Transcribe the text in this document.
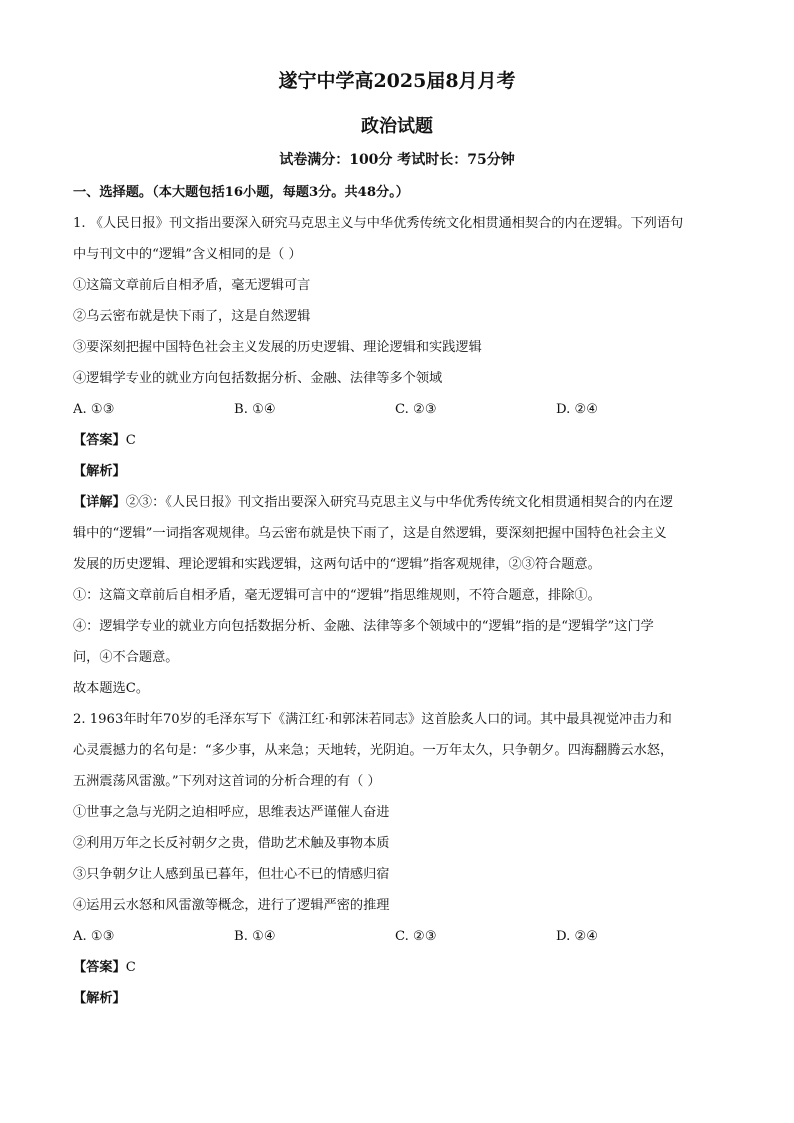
遂宁中学高2025届8月月考
政治试题
试卷满分：100分 考试时长：75分钟
一、选择题。（本大题包括16小题，每题3分。共48分。）
1. 《人民日报》刊文指出要深入研究马克思主义与中华优秀传统文化相贯通相契合的内在逻辑。下列语句
中与刊文中的“逻辑”含义相同的是（ ）
①这篇文章前后自相矛盾，毫无逻辑可言
②乌云密布就是快下雨了，这是自然逻辑
③要深刻把握中国特色社会主义发展的历史逻辑、理论逻辑和实践逻辑
④逻辑学专业的就业方向包括数据分析、金融、法律等多个领域
A. ①③	B. ①④	C. ②③	D. ②④
【答案】C
【解析】
【详解】②③：《人民日报》刊文指出要深入研究马克思主义与中华优秀传统文化相贯通相契合的内在逻
辑中的“逻辑”一词指客观规律。乌云密布就是快下雨了，这是自然逻辑，要深刻把握中国特色社会主义
发展的历史逻辑、理论逻辑和实践逻辑，这两句话中的“逻辑”指客观规律，②③符合题意。
①：这篇文章前后自相矛盾，毫无逻辑可言中的“逻辑”指思维规则，不符合题意，排除①。
④：逻辑学专业的就业方向包括数据分析、金融、法律等多个领域中的“逻辑”指的是“逻辑学”这门学
问，④不合题意。
故本题选C。
2. 1963年时年70岁的毛泽东写下《满江红·和郭沫若同志》这首脍炙人口的词。其中最具视觉冲击力和
心灵震撼力的名句是：“多少事，从来急；天地转，光阴迫。一万年太久，只争朝夕。四海翻腾云水怒，
五洲震荡风雷激。”下列对这首词的分析合理的有（ ）
①世事之急与光阴之迫相呼应，思维表达严谨催人奋进
②利用万年之长反衬朝夕之贵，借助艺术触及事物本质
③只争朝夕让人感到虽已暮年，但壮心不已的情感归宿
④运用云水怒和风雷激等概念，进行了逻辑严密的推理
A. ①③	B. ①④	C. ②③	D. ②④
【答案】C
【解析】
